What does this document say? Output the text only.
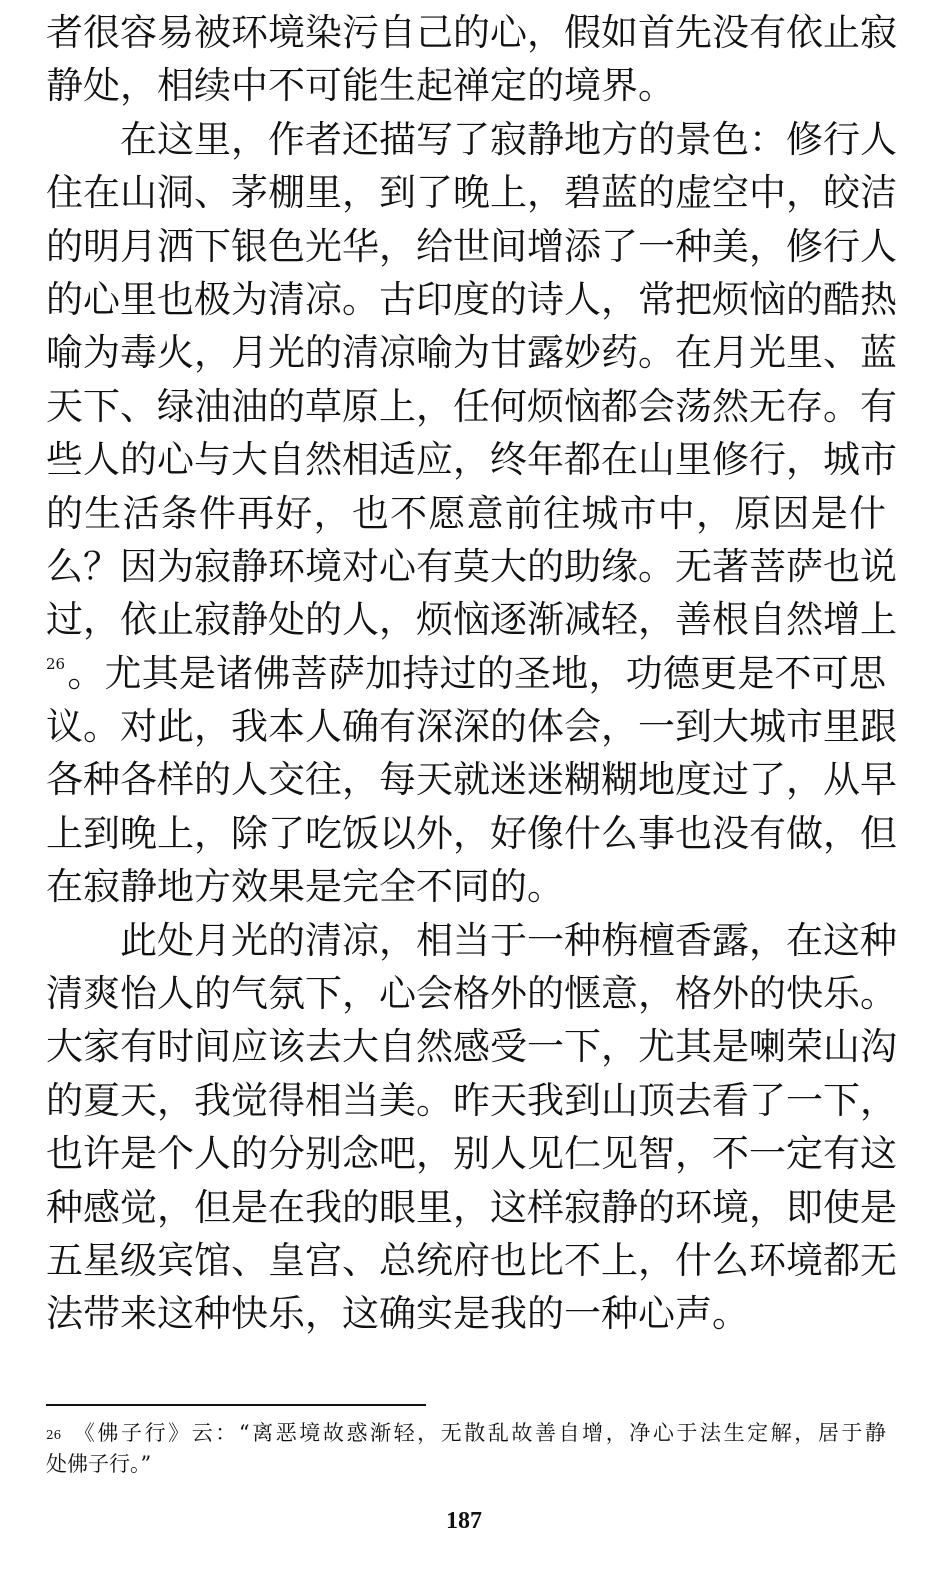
者很容易被环境染污自己的心，假如首先没有依止寂
静处，相续中不可能生起禅定的境界。
在这里，作者还描写了寂静地方的景色：修行人
住在山洞、茅棚里，到了晚上，碧蓝的虚空中，皎洁
的明月洒下银色光华，给世间增添了一种美，修行人
的心里也极为清凉。古印度的诗人，常把烦恼的酷热
喻为毒火，月光的清凉喻为甘露妙药。在月光里、蓝
天下、绿油油的草原上，任何烦恼都会荡然无存。有
些人的心与大自然相适应，终年都在山里修行，城市
的生活条件再好，也不愿意前往城市中，原因是什
么？因为寂静环境对心有莫大的助缘。无著菩萨也说
过，依止寂静处的人，烦恼逐渐减轻，善根自然增上
$^{26}$。尤其是诸佛菩萨加持过的圣地，功德更是不可思
议。对此，我本人确有深深的体会，一到大城市里跟
各种各样的人交往，每天就迷迷糊糊地度过了，从早
上到晚上，除了吃饭以外，好像什么事也没有做，但
在寂静地方效果是完全不同的。
此处月光的清凉，相当于一种栴檀香露，在这种
清爽怡人的气氛下，心会格外的惬意，格外的快乐。
大家有时间应该去大自然感受一下，尤其是喇荣山沟
的夏天，我觉得相当美。昨天我到山顶去看了一下，
也许是个人的分别念吧，别人见仁见智，不一定有这
种感觉，但是在我的眼里，这样寂静的环境，即使是
五星级宾馆、皇宫、总统府也比不上，什么环境都无
法带来这种快乐，这确实是我的一种心声。
$^{26}$ 《佛子行》云：“离恶境故惑渐轻，无散乱故善自增，净心于法生定解，居于静
处佛子行。”
187
